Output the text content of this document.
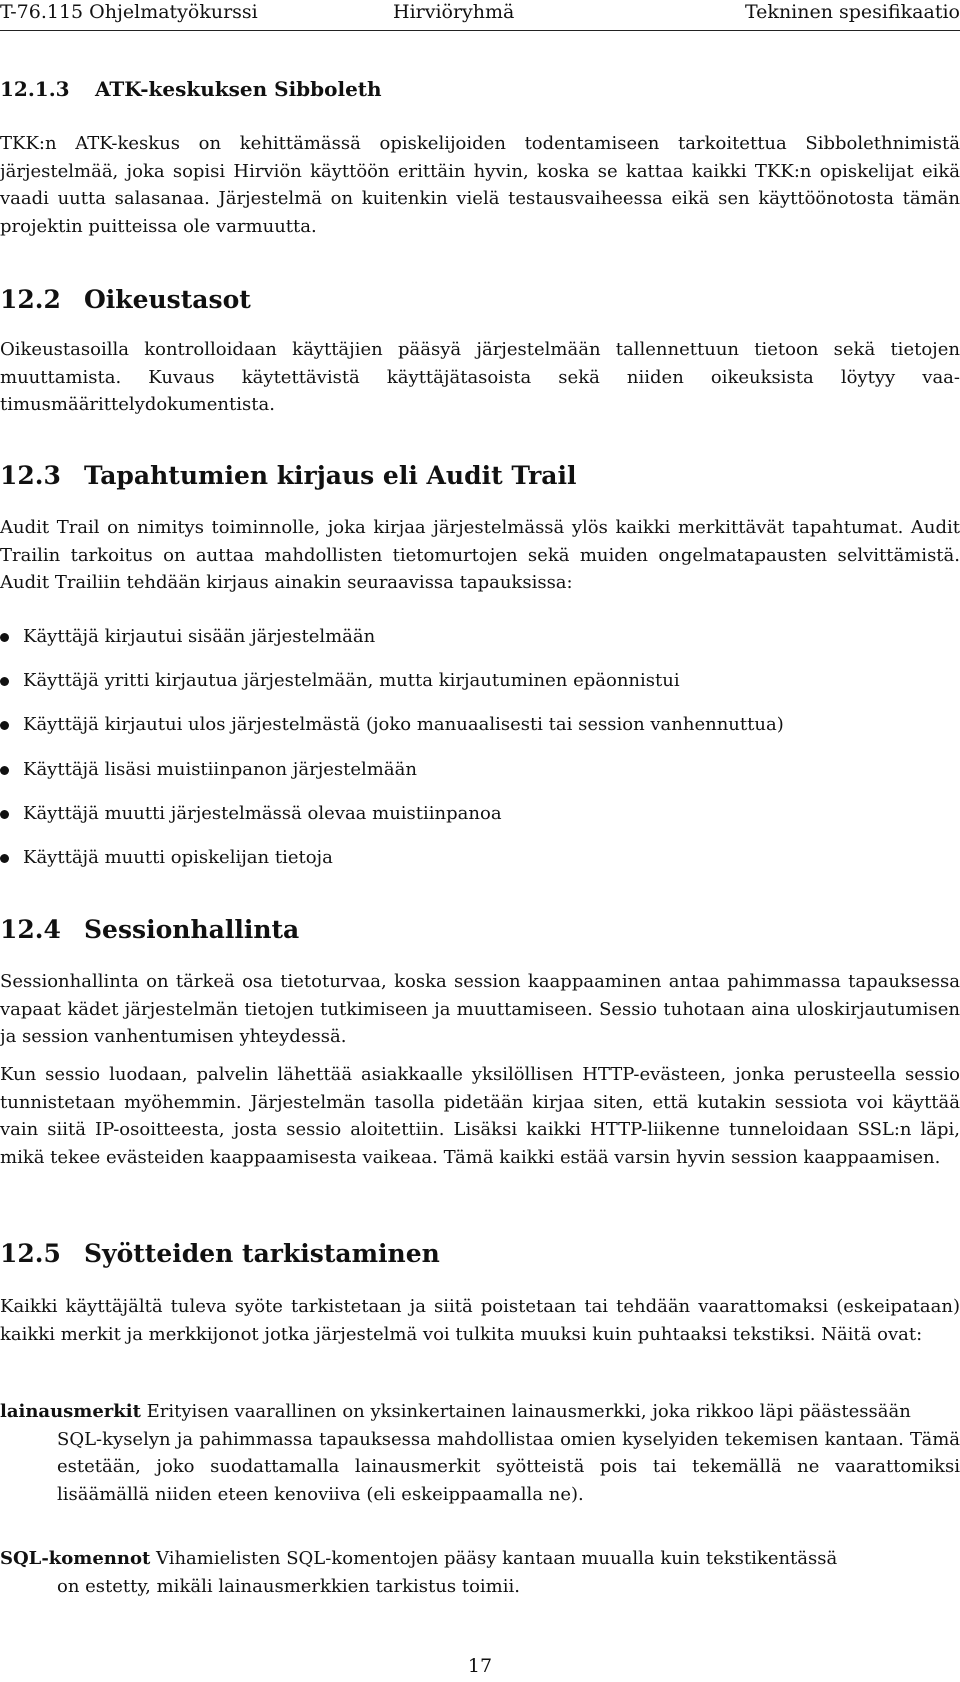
T-76.115 Ohjelmatyökurssi	Hirviöryhmä	Tekninen spesifikaatio
12.1.3 ATK-keskuksen Sibboleth

TKK:n ATK-keskus on kehittämässä opiskelijoiden todentamiseen tarkoitettua Sibbolethnimistä järjestelmää, joka sopisi Hirviön käyttöön erittäin hyvin, koska se kattaa kaikki TKK:n opiskelijat eikä vaadi uutta salasanaa. Järjestelmä on kuitenkin vielä testausvaiheessa eikä sen käyttöönotosta tämän projektin puitteissa ole varmuutta.

12.2 Oikeustasot

Oikeustasoilla kontrolloidaan käyttäjien pääsyä järjestelmään tallennettuun tietoon sekä tietojen muuttamista. Kuvaus käytettävistä käyttäjätasoista sekä niiden oikeuksista löytyy vaatimusmäärittelydokumentista.

12.3 Tapahtumien kirjaus eli Audit Trail

Audit Trail on nimitys toiminnolle, joka kirjaa järjestelmässä ylös kaikki merkittävät tapahtumat. Audit Trailin tarkoitus on auttaa mahdollisten tietomurtojen sekä muiden ongelmatapausten selvittämistä. Audit Trailiin tehdään kirjaus ainakin seuraavissa tapauksissa:

Käyttäjä kirjautui sisään järjestelmään
Käyttäjä yritti kirjautua järjestelmään, mutta kirjautuminen epäonnistui
Käyttäjä kirjautui ulos järjestelmästä (joko manuaalisesti tai session vanhennuttua)
Käyttäjä lisäsi muistiinpanon järjestelmään
Käyttäjä muutti järjestelmässä olevaa muistiinpanoa
Käyttäjä muutti opiskelijan tietoja
12.4 Sessionhallinta

Sessionhallinta on tärkeä osa tietoturvaa, koska session kaappaaminen antaa pahimmassa tapauksessa vapaat kädet järjestelmän tietojen tutkimiseen ja muuttamiseen. Sessio tuhotaan aina uloskirjautumisen ja session vanhentumisen yhteydessä.

Kun sessio luodaan, palvelin lähettää asiakkaalle yksilöllisen HTTP-evästeen, jonka perusteella sessio tunnistetaan myöhemmin. Järjestelmän tasolla pidetään kirjaa siten, että kutakin sessiota voi käyttää vain siitä IP-osoitteesta, josta sessio aloitettiin. Lisäksi kaikki HTTP-liikenne tunneloidaan SSL:n läpi, mikä tekee evästeiden kaappaamisesta vaikeaa. Tämä kaikki estää varsin hyvin session kaappaamisen.

12.5 Syötteiden tarkistaminen

Kaikki käyttäjältä tuleva syöte tarkistetaan ja siitä poistetaan tai tehdään vaarattomaksi (eskeipataan) kaikki merkit ja merkkijonot jotka järjestelmä voi tulkita muuksi kuin puhtaaksi tekstiksi. Näitä ovat:

lainausmerkit Erityisen vaarallinen on yksinkertainen lainausmerkki, joka rikkoo läpi päästessään
SQL-kyselyn ja pahimmassa tapauksessa mahdollistaa omien kyselyiden tekemisen kantaan. Tämä estetään, joko suodattamalla lainausmerkit syötteistä pois tai tekemällä ne vaarattomiksi lisäämällä niiden eteen kenoviiva (eli eskeippaamalla ne).
SQL-komennot Vihamielisten SQL-komentojen pääsy kantaan muualla kuin tekstikentässä
on estetty, mikäli lainausmerkkien tarkistus toimii.
17
